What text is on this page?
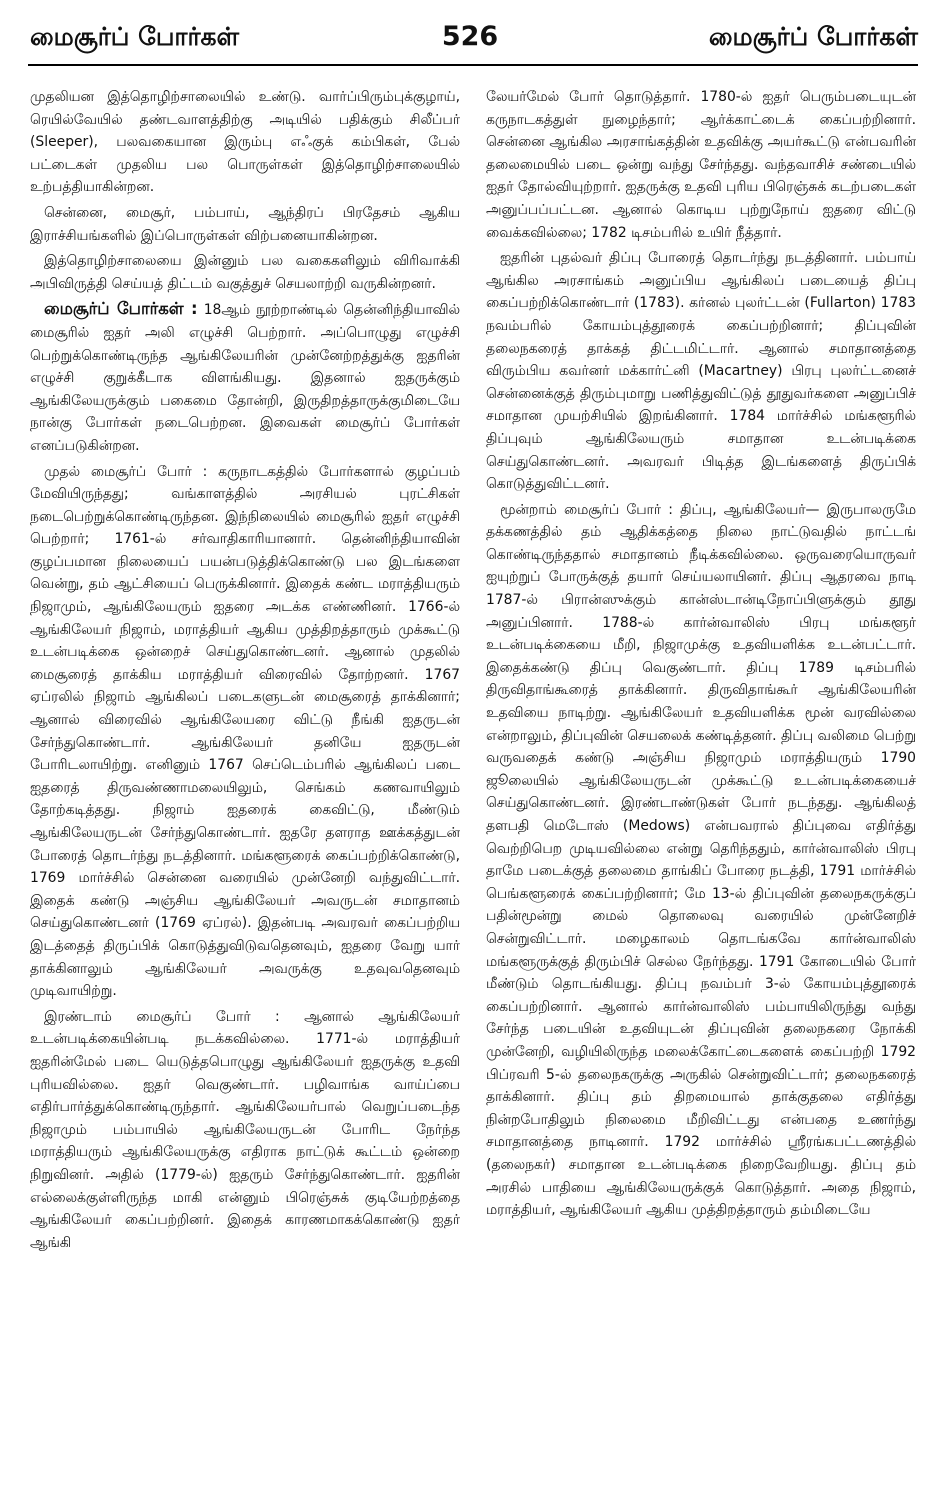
மைசூர்ப் போர்கள்	526	மைசூர்ப் போர்கள்

முதலியன இத்தொழிற்சாலையில் உண்டு. வார்ப்பிரும்புக்குழாய், ரெயில்வேயில் தண்டவாளத்திற்கு அடியில் பதிக்கும் சிலீப்பர் (Sleeper), பலவகையான இரும்பு எஃகுக் கம்பிகள், பேல் பட்டைகள் முதலிய பல பொருள்கள் இத்தொழிற்சாலையில் உற்பத்தியாகின்றன.

சென்னை, மைசூர், பம்பாய், ஆந்திரப் பிரதேசம் ஆகிய இராச்சியங்களில் இப்பொருள்கள் விற்பனையாகின்றன.

இத்தொழிற்சாலையை இன்னும் பல வகைகளிலும் விரிவாக்கி அபிவிருத்தி செய்யத் திட்டம் வகுத்துச் செயலாற்றி வருகின்றனர்.

மைசூர்ப் போர்கள் : 18ஆம் நூற்றாண்டில் தென்னிந்தியாவில் மைசூரில் ஐதர் அலி எழுச்சி பெற்றார். அப்பொழுது எழுச்சி பெற்றுக்கொண்டிருந்த ஆங்கிலேயரின் முன்னேற்றத்துக்கு ஐதரின் எழுச்சி குறுக்கீடாக விளங்கியது. இதனால் ஐதருக்கும் ஆங்கிலேயருக்கும் பகைமை தோன்றி, இருதிறத்தாருக்குமிடையே நான்கு போர்கள் நடைபெற்றன. இவைகள் மைசூர்ப் போர்கள் எனப்படுகின்றன.

முதல் மைசூர்ப் போர் : கருநாடகத்தில் போர்களால் குழப்பம் மேவியிருந்தது; வங்காளத்தில் அரசியல் புரட்சிகள் நடைபெற்றுக்கொண்டிருந்தன. இந்நிலையில் மைசூரில் ஐதர் எழுச்சி பெற்றார்; 1761-ல் சர்வாதிகாரியானார். தென்னிந்தியாவின் குழப்பமான நிலையைப் பயன்படுத்திக்கொண்டு பல இடங்களை வென்று, தம் ஆட்சியைப் பெருக்கினார். இதைக் கண்ட மராத்தியரும் நிஜாமும், ஆங்கிலேயரும் ஐதரை அடக்க எண்ணினர். 1766-ல் ஆங்கிலேயர் நிஜாம், மராத்தியர் ஆகிய முத்திறத்தாரும் முக்கூட்டு உடன்படிக்கை ஒன்றைச் செய்துகொண்டனர். ஆனால் முதலில் மைசூரைத் தாக்கிய மராத்தியர் விரைவில் தோற்றனர். 1767 ஏப்ரலில் நிஜாம் ஆங்கிலப் படைகளுடன் மைசூரைத் தாக்கினார்; ஆனால் விரைவில் ஆங்கிலேயரை விட்டு நீங்கி ஐதருடன் சேர்ந்துகொண்டார். ஆங்கிலேயர் தனியே ஐதருடன் போரிடலாயிற்று. எனினும் 1767 செப்டெம்பரில் ஆங்கிலப் படை ஐதரைத் திருவண்ணாமலையிலும், செங்கம் கணவாயிலும் தோற்கடித்தது. நிஜாம் ஐதரைக் கைவிட்டு, மீண்டும் ஆங்கிலேயருடன் சேர்ந்துகொண்டார். ஐதரே தளராத ஊக்கத்துடன் போரைத் தொடர்ந்து நடத்தினார். மங்களூரைக் கைப்பற்றிக்கொண்டு, 1769 மார்ச்சில் சென்னை வரையில் முன்னேறி வந்துவிட்டார். இதைக் கண்டு அஞ்சிய ஆங்கிலேயர் அவருடன் சமாதானம் செய்துகொண்டனர் (1769 ஏப்ரல்). இதன்படி அவரவர் கைப்பற்றிய இடத்தைத் திருப்பிக் கொடுத்துவிடுவதெனவும், ஐதரை வேறு யார் தாக்கினாலும் ஆங்கிலேயர் அவருக்கு உதவுவதெனவும் முடிவாயிற்று.

இரண்டாம் மைசூர்ப் போர் : ஆனால் ஆங்கிலேயர் உடன்படிக்கையின்படி நடக்கவில்லை. 1771-ல் மராத்தியர் ஐதரின்மேல் படை யெடுத்தபொழுது ஆங்கிலேயர் ஐதருக்கு உதவி புரியவில்லை. ஐதர் வெகுண்டார். பழிவாங்க வாய்ப்பை எதிர்பார்த்துக்கொண்டிருந்தார். ஆங்கிலேயர்பால் வெறுப்படைந்த நிஜாமும் பம்பாயில் ஆங்கிலேயருடன் போரிட நேர்ந்த மராத்தியரும் ஆங்கிலேயருக்கு எதிராக நாட்டுக் கூட்டம் ஒன்றை நிறுவினர். அதில் (1779-ல்) ஐதரும் சேர்ந்துகொண்டார். ஐதரின் எல்லைக்குள்ளிருந்த மாகி என்னும் பிரெஞ்சுக் குடியேற்றத்தை ஆங்கிலேயர் கைப்பற்றினர். இதைக் காரணமாகக்கொண்டு ஐதர் ஆங்கி

லேயர்மேல் போர் தொடுத்தார். 1780-ல் ஐதர் பெரும்படையுடன் கருநாடகத்துள் நுழைந்தார்; ஆர்க்காட்டைக் கைப்பற்றினார். சென்னை ஆங்கில அரசாங்கத்தின் உதவிக்கு அயர்கூட்டு என்பவரின் தலைமையில் படை ஒன்று வந்து சேர்ந்தது. வந்தவாசிச் சண்டையில் ஐதர் தோல்வியுற்றார். ஐதருக்கு உதவி புரிய பிரெஞ்சுக் கடற்படைகள் அனுப்பப்பட்டன. ஆனால் கொடிய புற்றுநோய் ஐதரை விட்டு வைக்கவில்லை; 1782 டிசம்பரில் உயிர் நீத்தார்.

ஐதரின் புதல்வர் திப்பு போரைத் தொடர்ந்து நடத்தினார். பம்பாய் ஆங்கில அரசாங்கம் அனுப்பிய ஆங்கிலப் படையைத் திப்பு கைப்பற்றிக்கொண்டார் (1783). கர்னல் புலர்ட்டன் (Fullarton) 1783 நவம்பரில் கோயம்புத்தூரைக் கைப்பற்றினார்; திப்புவின் தலைநகரைத் தாக்கத் திட்டமிட்டார். ஆனால் சமாதானத்தை விரும்பிய கவர்னர் மக்கார்ட்னி (Macartney) பிரபு புலர்ட்டனைச் சென்னைக்குத் திரும்புமாறு பணித்துவிட்டுத் தூதுவர்களை அனுப்பிச் சமாதான முயற்சியில் இறங்கினார். 1784 மார்ச்சில் மங்களூரில் திப்புவும் ஆங்கிலேயரும் சமாதான உடன்படிக்கை செய்துகொண்டனர். அவரவர் பிடித்த இடங்களைத் திருப்பிக் கொடுத்துவிட்டனர்.

மூன்றாம் மைசூர்ப் போர் : திப்பு, ஆங்கிலேயர்— இருபாலருமே தக்கணத்தில் தம் ஆதிக்கத்தை நிலை நாட்டுவதில் நாட்டங் கொண்டிருந்ததால் சமாதானம் நீடிக்கவில்லை. ஒருவரையொருவர் ஐயுற்றுப் போருக்குத் தயார் செய்யலாயினர். திப்பு ஆதரவை நாடி 1787-ல் பிரான்ஸுக்கும் கான்ஸ்டான்டிநோப்பிளுக்கும் தூது அனுப்பினார். 1788-ல் கார்ன்வாலிஸ் பிரபு மங்களூர் உடன்படிக்கையை மீறி, நிஜாமுக்கு உதவியளிக்க உடன்பட்டார். இதைக்கண்டு திப்பு வெகுண்டார். திப்பு 1789 டிசம்பரில் திருவிதாங்கூரைத் தாக்கினார். திருவிதாங்கூர் ஆங்கிலேயரின் உதவியை நாடிற்று. ஆங்கிலேயர் உதவியளிக்க மூன் வரவில்லை என்றாலும், திப்புவின் செயலைக் கண்டித்தனர். திப்பு வலிமை பெற்று வருவதைக் கண்டு அஞ்சிய நிஜாமும் மராத்தியரும் 1790 ஜூலையில் ஆங்கிலேயருடன் முக்கூட்டு உடன்படிக்கையைச் செய்துகொண்டனர். இரண்டாண்டுகள் போர் நடந்தது. ஆங்கிலத் தளபதி மெடோஸ் (Medows) என்பவரால் திப்புவை எதிர்த்து வெற்றிபெற முடியவில்லை என்று தெரிந்ததும், கார்ன்வாலிஸ் பிரபு தாமே படைக்குத் தலைமை தாங்கிப் போரை நடத்தி, 1791 மார்ச்சில் பெங்களூரைக் கைப்பற்றினார்; மே 13-ல் திப்புவின் தலைநகருக்குப் பதின்மூன்று மைல் தொலைவு வரையில் முன்னேறிச் சென்றுவிட்டார். மழைகாலம் தொடங்கவே கார்ன்வாலிஸ் மங்களூருக்குத் திரும்பிச் செல்ல நேர்ந்தது. 1791 கோடையில் போர் மீண்டும் தொடங்கியது. திப்பு நவம்பர் 3-ல் கோயம்புத்தூரைக் கைப்பற்றினார். ஆனால் கார்ன்வாலிஸ் பம்பாயிலிருந்து வந்து சேர்ந்த படையின் உதவியுடன் திப்புவின் தலைநகரை நோக்கி முன்னேறி, வழியிலிருந்த மலைக்கோட்டைகளைக் கைப்பற்றி 1792 பிப்ரவரி 5-ல் தலைநகருக்கு அருகில் சென்றுவிட்டார்; தலைநகரைத் தாக்கினார். திப்பு தம் திறமையால் தாக்குதலை எதிர்த்து நின்றபோதிலும் நிலைமை மீறிவிட்டது என்பதை உணர்ந்து சமாதானத்தை நாடினார். 1792 மார்ச்சில் ஸ்ரீரங்கபட்டணத்தில் (தலைநகர்) சமாதான உடன்படிக்கை நிறைவேறியது. திப்பு தம் அரசில் பாதியை ஆங்கிலேயருக்குக் கொடுத்தார். அதை நிஜாம், மராத்தியர், ஆங்கிலேயர் ஆகிய முத்திறத்தாரும் தம்மிடையே
